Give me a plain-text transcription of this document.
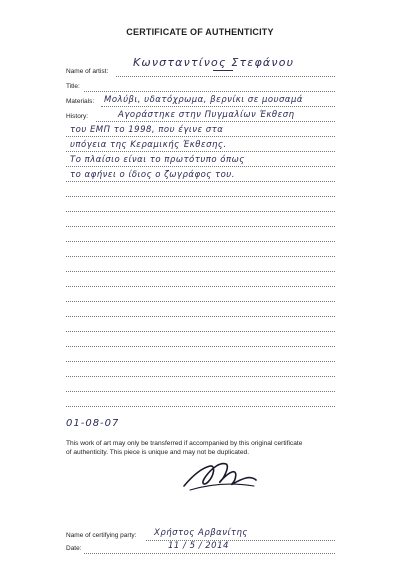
CERTIFICATE OF AUTHENTICITY
Name of artist:
Κωνσταντίνος Στεφάνου
Title:
Materials: Μολύβι, υδατόχρωμα, βερνίκι σε μουσαμά
History:	Αγοράστηκε στην Πυγμαλίων Έκθεση
του ΕΜΠ το 1998, που έγινε στα
υπόγεια της Κεραμικής Έκθεσης.
Το πλαίσιο είναι το πρωτότυπο όπως
το αφήνει ο ίδιος ο ζωγράφος του.
01-08-07
This work of art may only be transferred if accompanied by this original certificate
of authenticity. This piece is unique and may not be duplicated.
Name of certifying party: Χρήστος Αρβανίτης
Date:	11 / 5 / 2014
